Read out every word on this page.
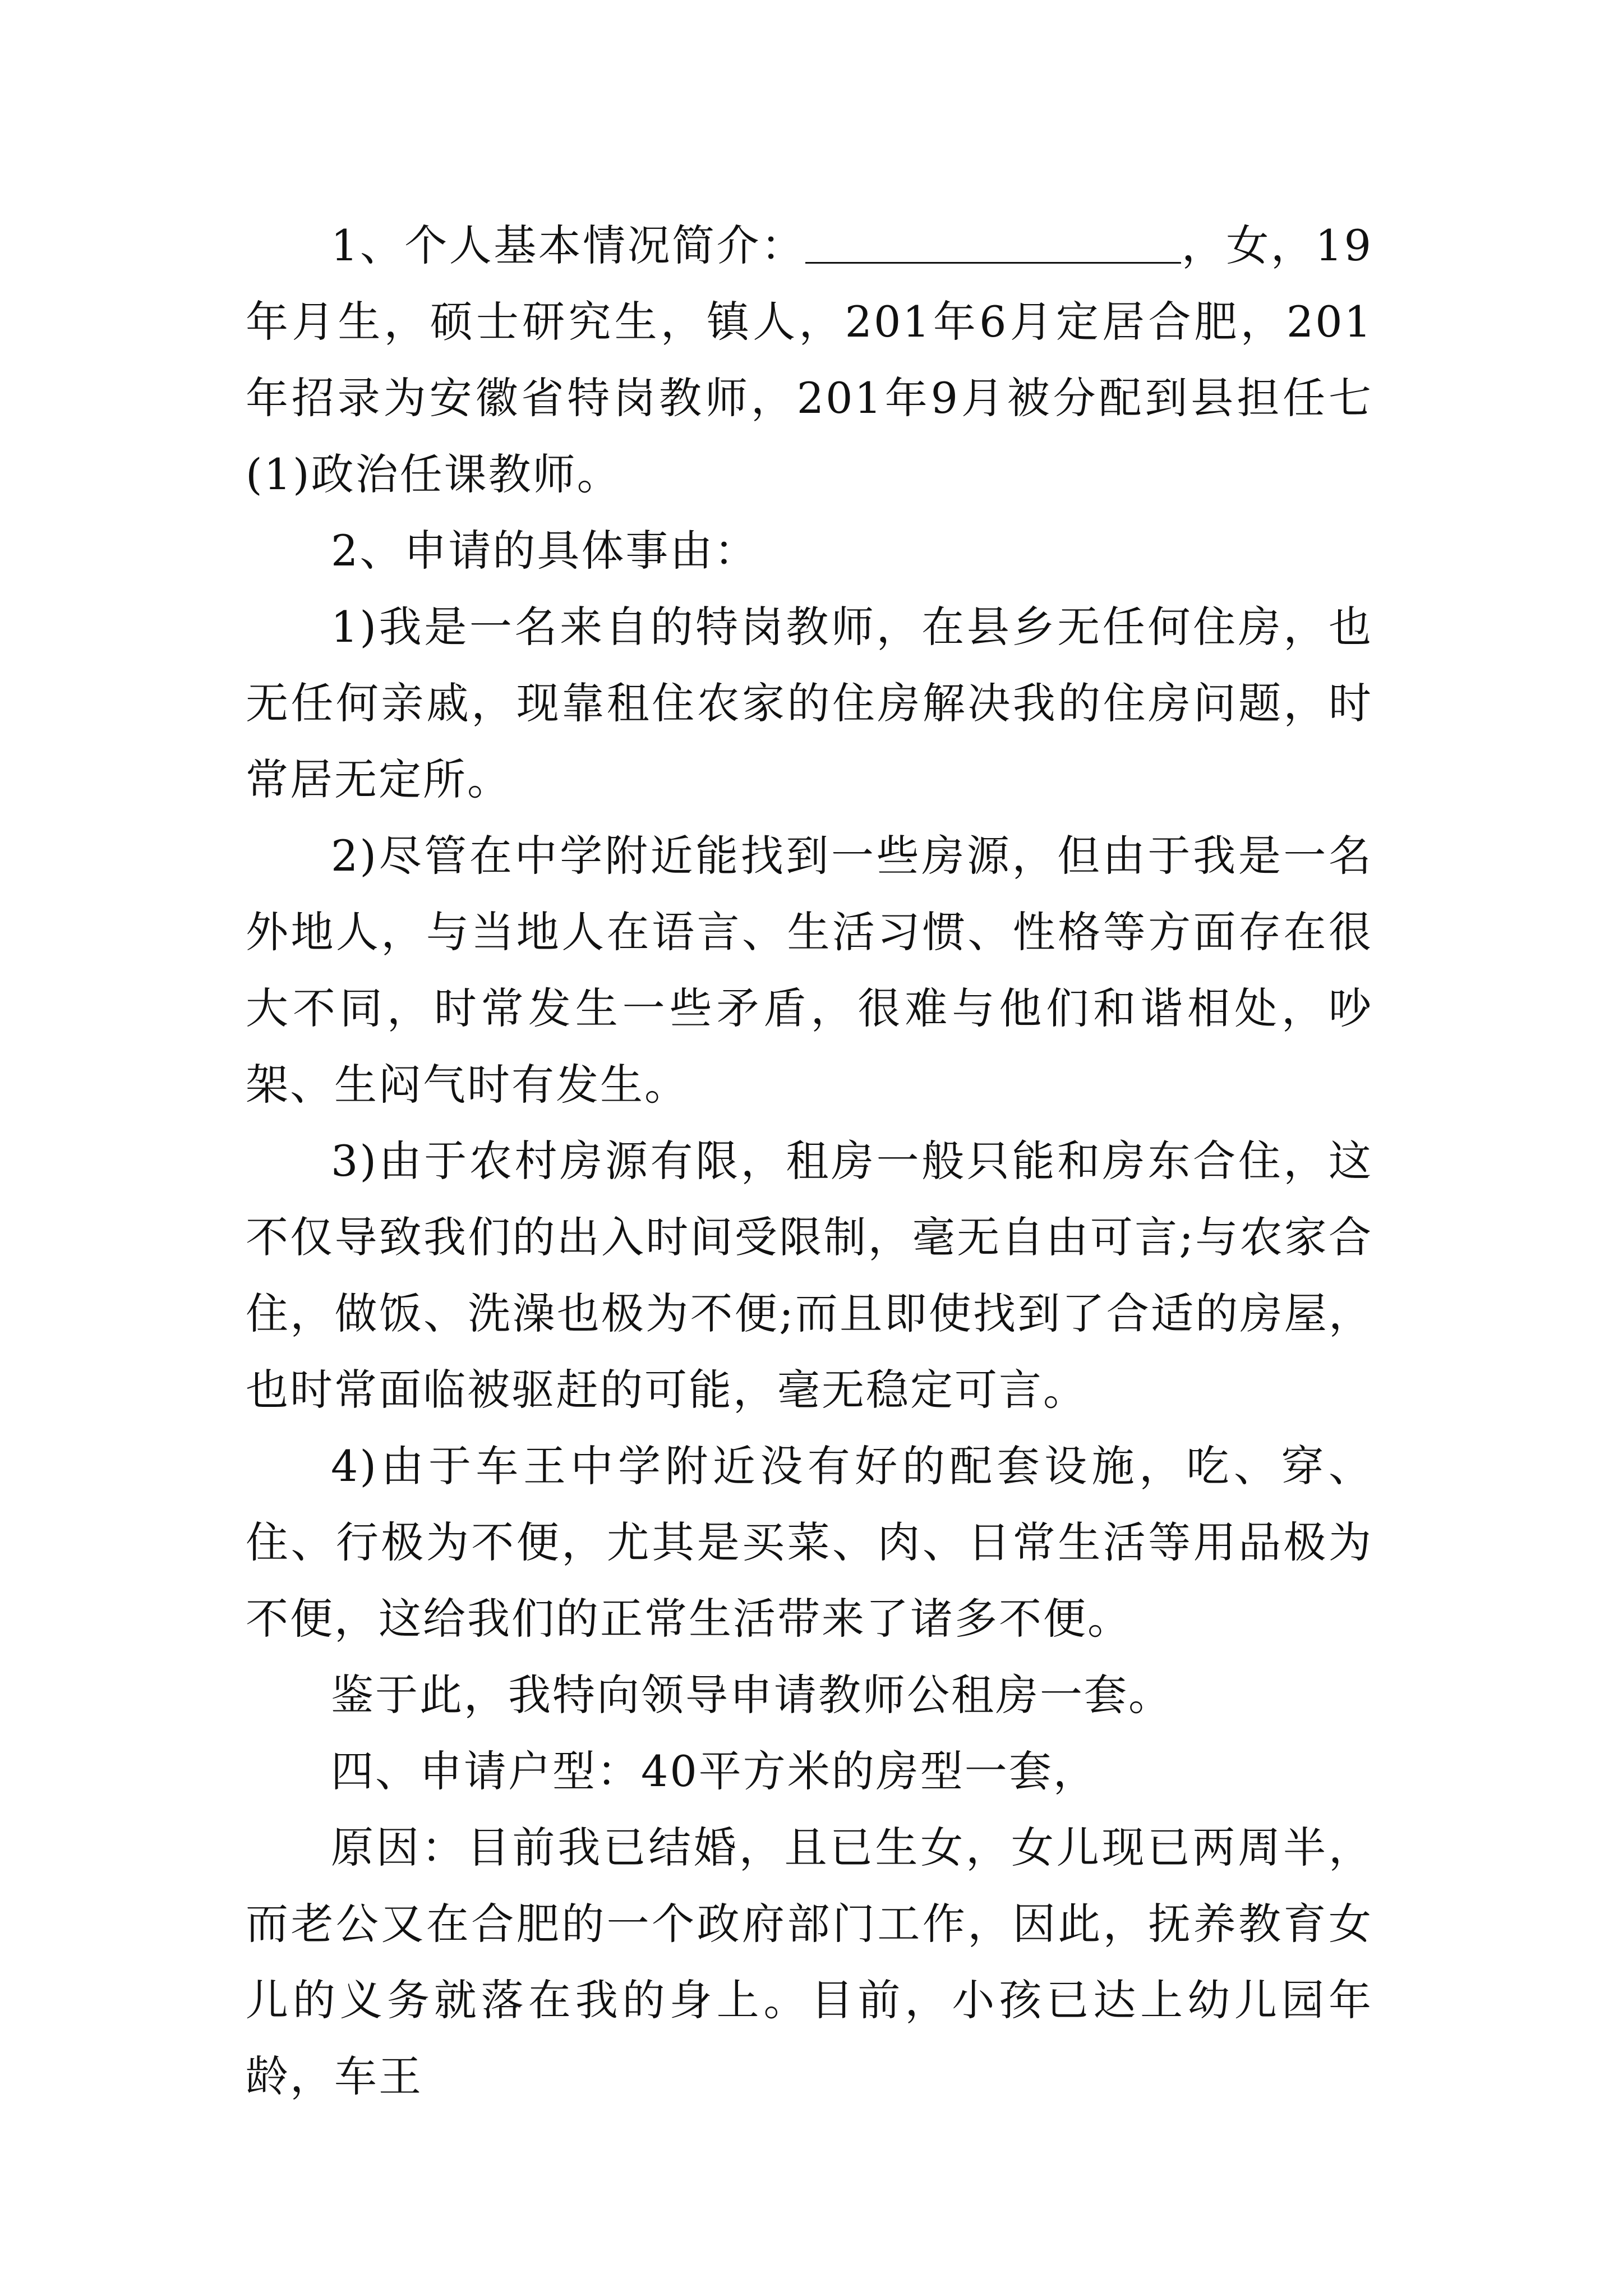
1、个人基本情况简介：	，女，19年月生，硕士研究生，镇人，201年6月定居合肥，201年招录为安徽省特岗教师，201年9月被分配到县担任七(1)政治任课教师。

2、申请的具体事由：

1)我是一名来自的特岗教师，在县乡无任何住房，也无任何亲戚，现靠租住农家的住房解决我的住房问题，时常居无定所。

2)尽管在中学附近能找到一些房源，但由于我是一名外地人，与当地人在语言、生活习惯、性格等方面存在很大不同，时常发生一些矛盾，很难与他们和谐相处，吵架、生闷气时有发生。

3)由于农村房源有限，租房一般只能和房东合住，这不仅导致我们的出入时间受限制，毫无自由可言;与农家合住，做饭、洗澡也极为不便;而且即使找到了合适的房屋，也时常面临被驱赶的可能，毫无稳定可言。

4)由于车王中学附近没有好的配套设施，吃、穿、住、行极为不便，尤其是买菜、肉、日常生活等用品极为不便，这给我们的正常生活带来了诸多不便。

鉴于此，我特向领导申请教师公租房一套。

四、申请户型：40平方米的房型一套，

原因：目前我已结婚，且已生女，女儿现已两周半，而老公又在合肥的一个政府部门工作，因此，抚养教育女儿的义务就落在我的身上。目前，小孩已达上幼儿园年龄，车王
